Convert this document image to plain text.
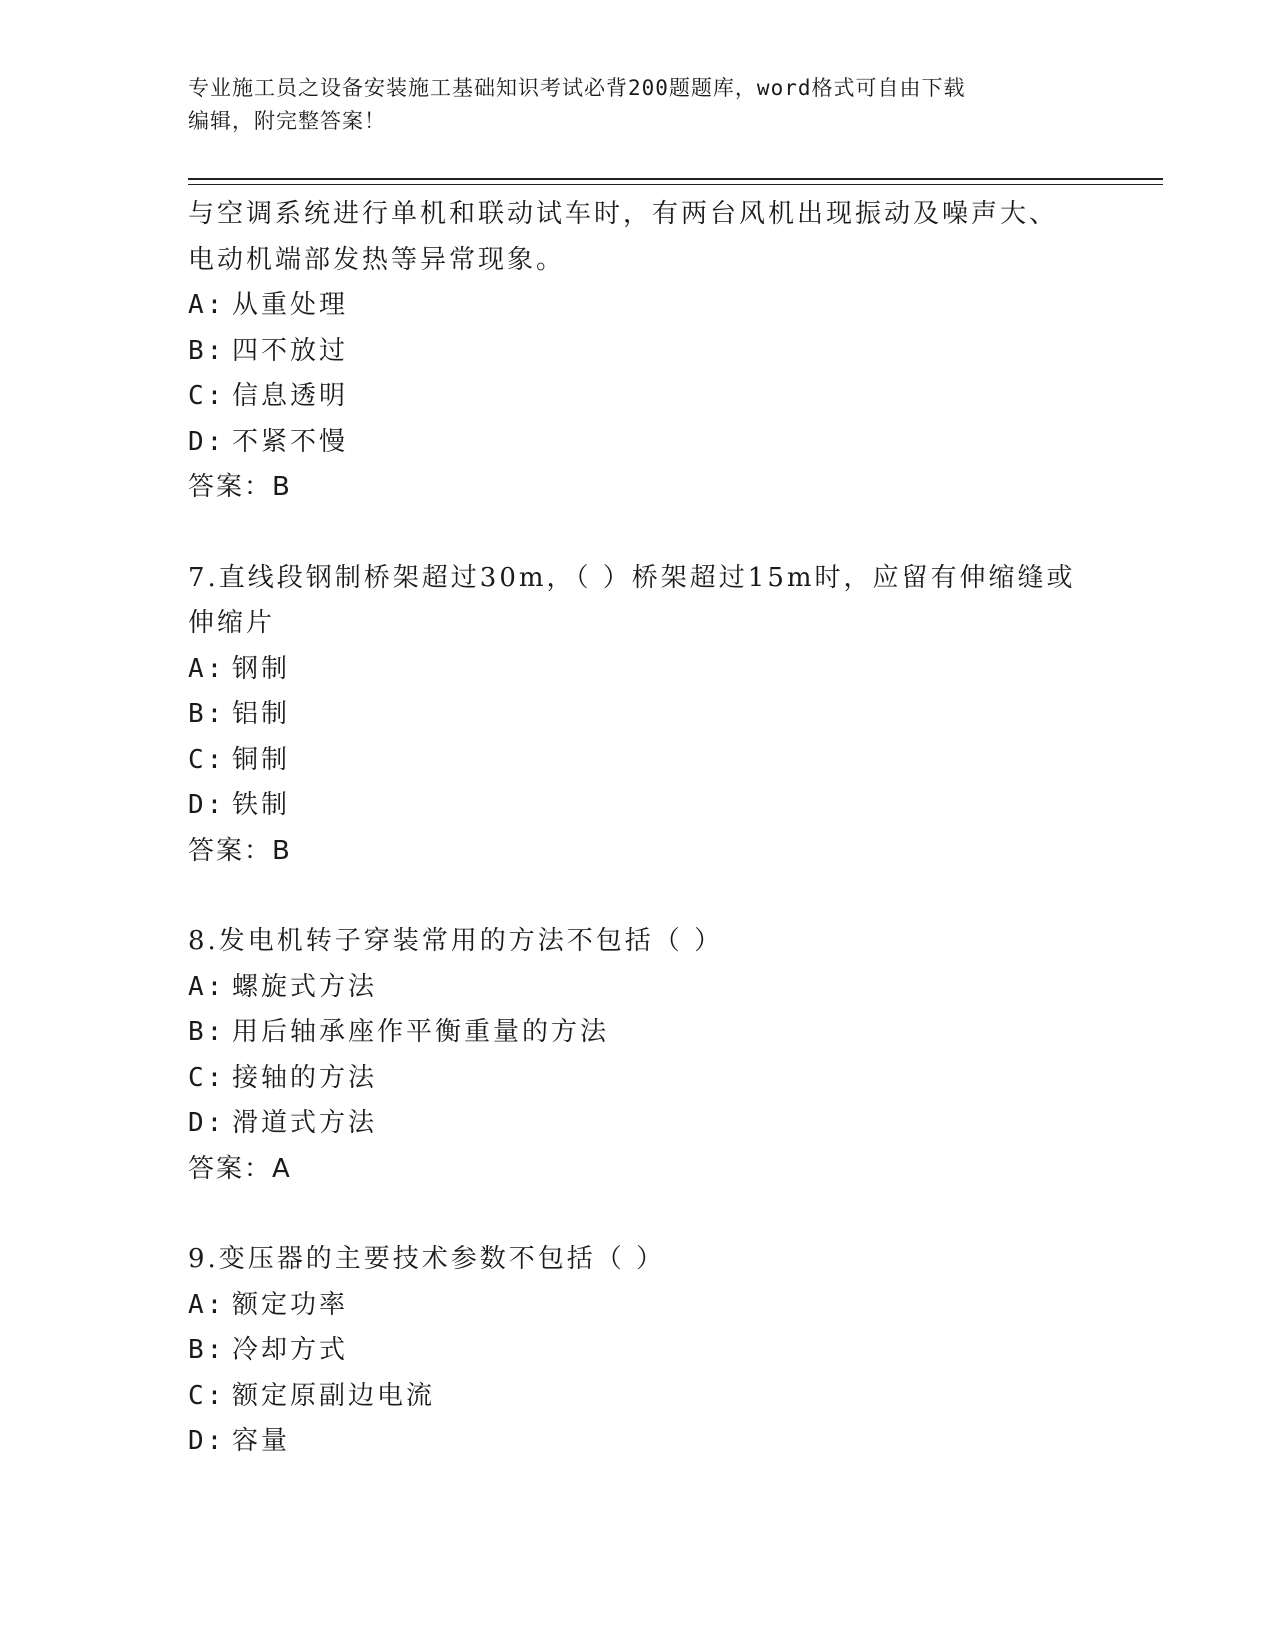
专业施工员之设备安装施工基础知识考试必背200题题库，word格式可自由下载
编辑，附完整答案！
与空调系统进行单机和联动试车时，有两台风机出现振动及噪声大、
电动机端部发热等异常现象。
A: 从重处理
B: 四不放过
C: 信息透明
D: 不紧不慢
答案：B
7.直线段钢制桥架超过30m，（ ）桥架超过15m时，应留有伸缩缝或
伸缩片
A: 钢制
B: 铝制
C: 铜制
D: 铁制
答案：B
8.发电机转子穿装常用的方法不包括（ ）
A: 螺旋式方法
B: 用后轴承座作平衡重量的方法
C: 接轴的方法
D: 滑道式方法
答案：A
9.变压器的主要技术参数不包括（ ）
A: 额定功率
B: 冷却方式
C: 额定原副边电流
D: 容量
